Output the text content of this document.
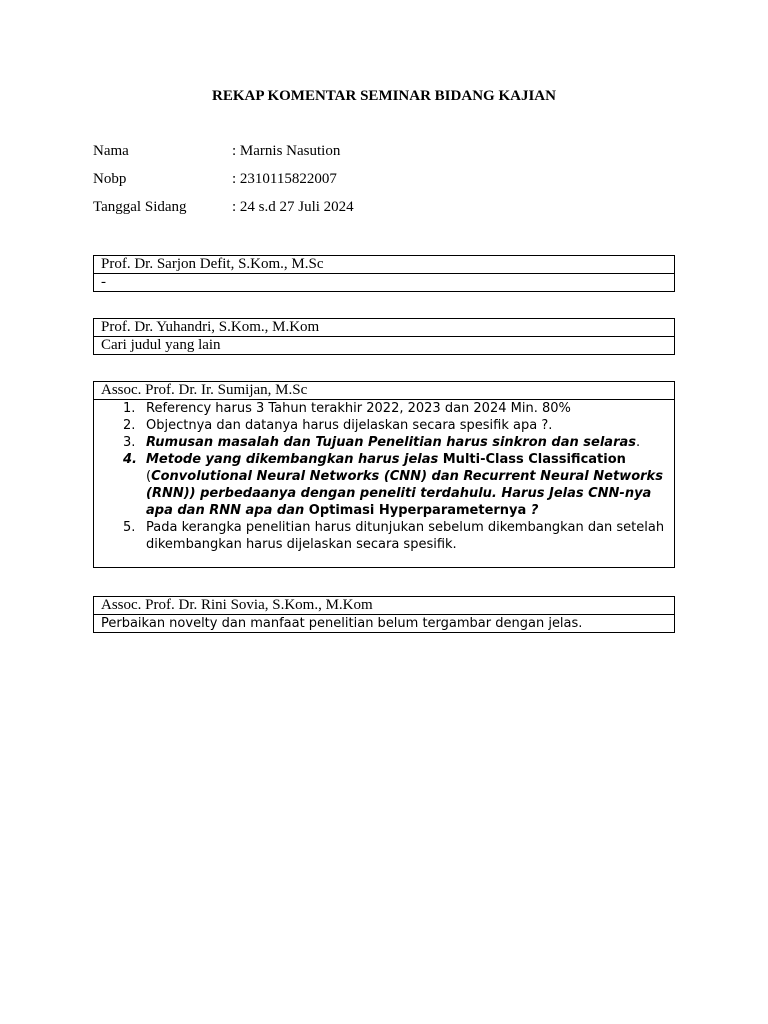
REKAP KOMENTAR SEMINAR BIDANG KAJIAN
Nama	: Marnis Nasution
Nobp	: 2310115822007
Tanggal Sidang	: 24 s.d 27 Juli 2024
Prof. Dr. Sarjon Defit, S.Kom., M.Sc
-
Prof. Dr. Yuhandri, S.Kom., M.Kom
Cari judul yang lain
Assoc. Prof. Dr. Ir. Sumijan, M.Sc
1. Referency harus 3 Tahun terakhir 2022, 2023 dan 2024 Min. 80%
2. Objectnya dan datanya harus dijelaskan secara spesifik apa ?.
3. Rumusan masalah dan Tujuan Penelitian harus sinkron dan selaras.
4. Metode yang dikembangkan harus jelas Multi-Class Classification
(Convolutional Neural Networks (CNN) dan Recurrent Neural Networks (RNN)) perbedaanya dengan peneliti terdahulu. Harus Jelas CNN-nya apa dan RNN apa dan Optimasi Hyperparameternya ?
5. Pada kerangka penelitian harus ditunjukan sebelum dikembangkan dan setelah dikembangkan harus dijelaskan secara spesifik.
Assoc. Prof. Dr. Rini Sovia, S.Kom., M.Kom
Perbaikan novelty dan manfaat penelitian belum tergambar dengan jelas.
